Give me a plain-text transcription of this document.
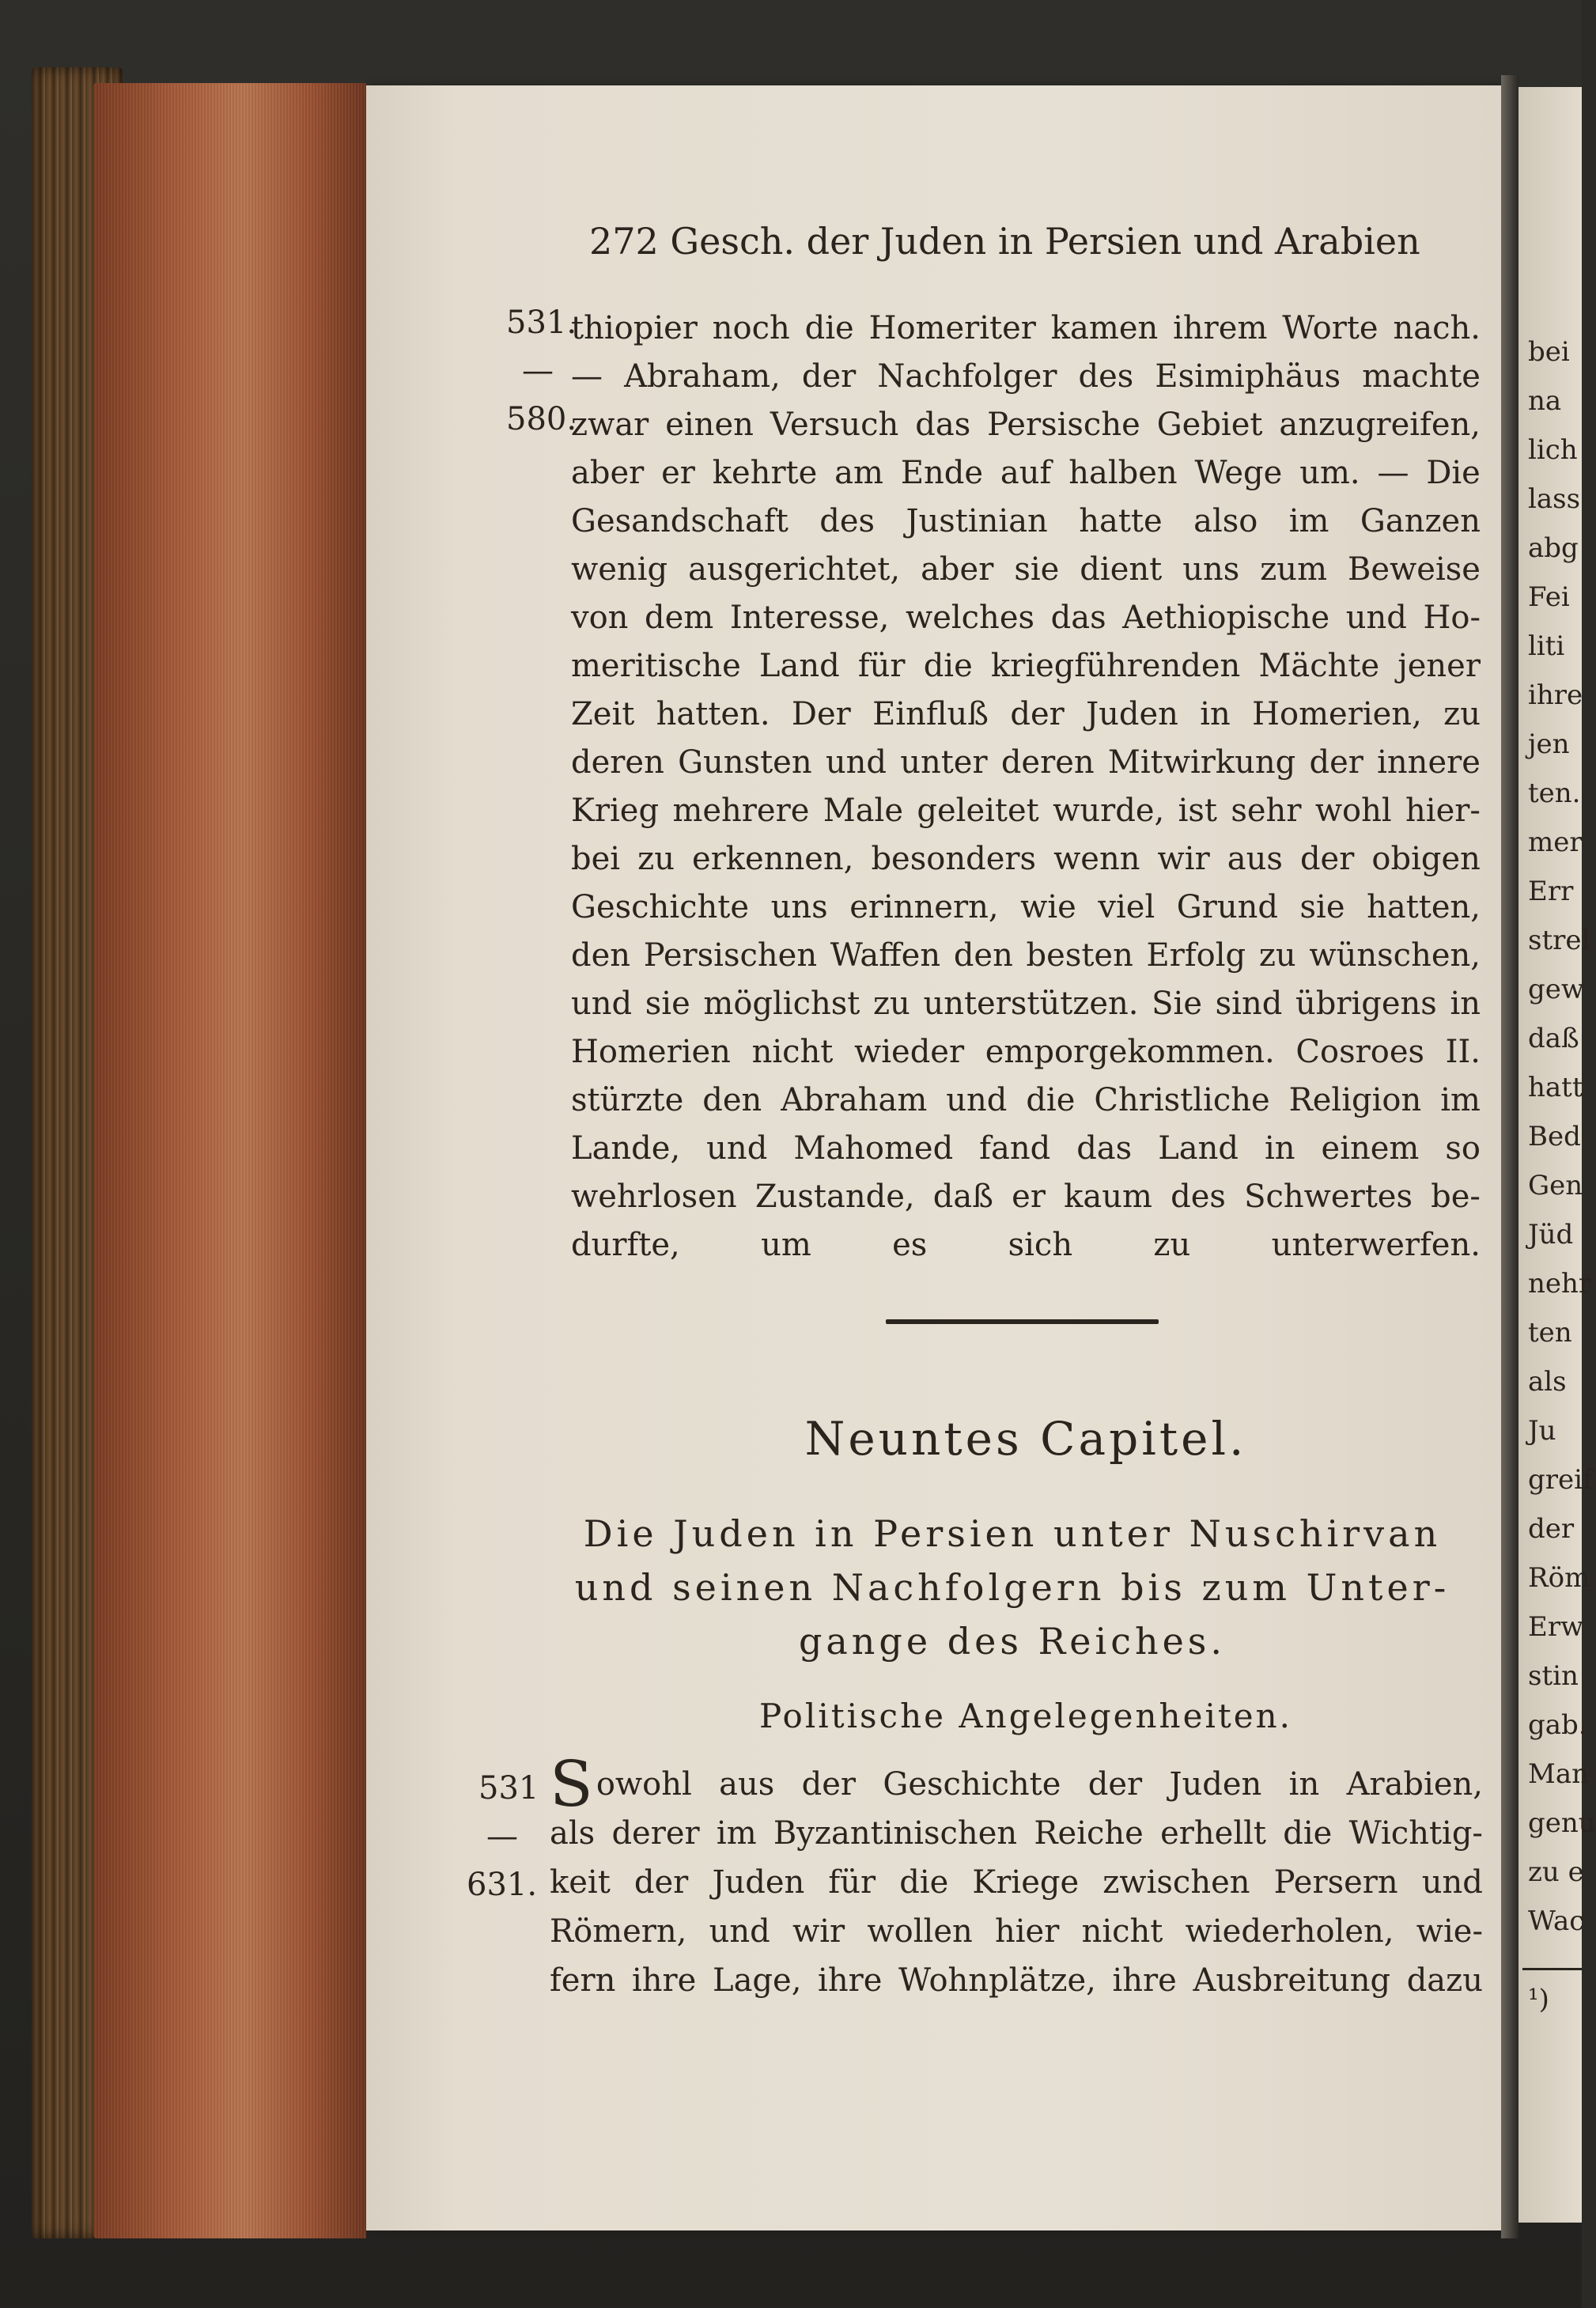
272 Gesch. der Juden in Persien und Arabien
531.
—
580.
thiopier noch die Homeriter kamen ihrem Worte nach.
— Abraham, der Nachfolger des Esimiphäus machte
zwar einen Versuch das Persische Gebiet anzugreifen,
aber er kehrte am Ende auf halben Wege um. — Die
Gesandschaft des Justinian hatte also im Ganzen
wenig ausgerichtet, aber sie dient uns zum Beweise
von dem Interesse, welches das Aethiopische und Ho-
meritische Land für die kriegführenden Mächte jener
Zeit hatten. Der Einfluß der Juden in Homerien, zu
deren Gunsten und unter deren Mitwirkung der innere
Krieg mehrere Male geleitet wurde, ist sehr wohl hier-
bei zu erkennen, besonders wenn wir aus der obigen
Geschichte uns erinnern, wie viel Grund sie hatten,
den Persischen Waffen den besten Erfolg zu wünschen,
und sie möglichst zu unterstützen. Sie sind übrigens in
Homerien nicht wieder emporgekommen. Cosroes II.
stürzte den Abraham und die Christliche Religion im
Lande, und Mahomed fand das Land in einem so
wehrlosen Zustande, daß er kaum des Schwertes be-
durfte,	um	es	sich	zu	unterwerfen.
Neuntes Capitel.
Die Juden in Persien unter Nuschirvan
und seinen Nachfolgern bis zum Unter-
gange des Reiches.
Politische Angelegenheiten.
531
—
631.
S owohl aus der Geschichte der Juden in Arabien,
als derer im Byzantinischen Reiche erhellt die Wichtig-
keit der Juden für die Kriege zwischen Persern und
Römern, und wir wollen hier nicht wiederholen, wie-
fern ihre Lage, ihre Wohnplätze, ihre Ausbreitung dazu
bei
na
lich
lass
abg
Fei
liti
ihre
jen
ten.
mer
Err
strel
gew
daß
hatt
Bed
Gen
Jüd
nehr
ten
als
Ju
greif
der
Röm
Erw
stin
gab.
Man
genu
zu e
Wac
¹)
